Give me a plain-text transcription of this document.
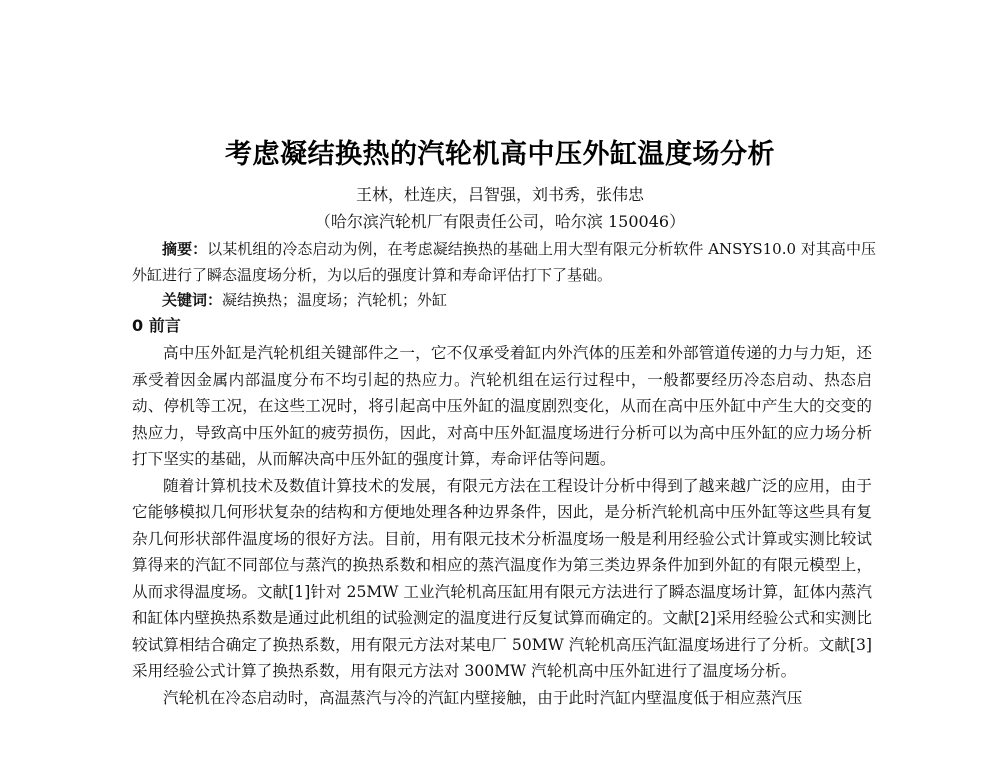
考虑凝结换热的汽轮机高中压外缸温度场分析
王林，杜连庆，吕智强，刘书秀，张伟忠
（哈尔滨汽轮机厂有限责任公司，哈尔滨 150046）
摘要：以某机组的冷态启动为例，在考虑凝结换热的基础上用大型有限元分析软件 ANSYS10.0 对其高中压外缸进行了瞬态温度场分析，为以后的强度计算和寿命评估打下了基础。
关键词：凝结换热；温度场；汽轮机；外缸
0 前言

高中压外缸是汽轮机组关键部件之一，它不仅承受着缸内外汽体的压差和外部管道传递的力与力矩，还承受着因金属内部温度分布不均引起的热应力。汽轮机组在运行过程中，一般都要经历冷态启动、热态启动、停机等工况，在这些工况时，将引起高中压外缸的温度剧烈变化，从而在高中压外缸中产生大的交变的热应力，导致高中压外缸的疲劳损伤，因此，对高中压外缸温度场进行分析可以为高中压外缸的应力场分析打下坚实的基础，从而解决高中压外缸的强度计算，寿命评估等问题。

随着计算机技术及数值计算技术的发展，有限元方法在工程设计分析中得到了越来越广泛的应用，由于它能够模拟几何形状复杂的结构和方便地处理各种边界条件，因此，是分析汽轮机高中压外缸等这些具有复杂几何形状部件温度场的很好方法。目前，用有限元技术分析温度场一般是利用经验公式计算或实测比较试算得来的汽缸不同部位与蒸汽的换热系数和相应的蒸汽温度作为第三类边界条件加到外缸的有限元模型上，从而求得温度场。文献[1]针对 25MW 工业汽轮机高压缸用有限元方法进行了瞬态温度场计算，缸体内蒸汽和缸体内壁换热系数是通过此机组的试验测定的温度进行反复试算而确定的。文献[2]采用经验公式和实测比较试算相结合确定了换热系数，用有限元方法对某电厂 50MW 汽轮机高压汽缸温度场进行了分析。文献[3]采用经验公式计算了换热系数，用有限元方法对 300MW 汽轮机高中压外缸进行了温度场分析。

汽轮机在冷态启动时，高温蒸汽与冷的汽缸内壁接触，由于此时汽缸内壁温度低于相应蒸汽压
